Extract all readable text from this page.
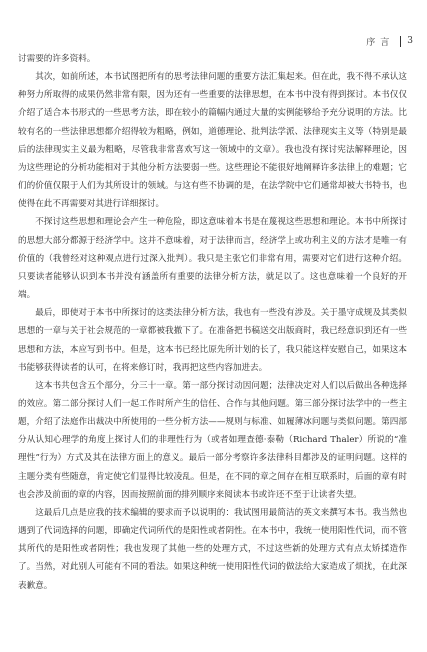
序言 3

讨需要的许多资料。

其次，如前所述，本书试图把所有的思考法律问题的重要方法汇集起来。但在此，我不得不承认这种努力所取得的成果仍然非常有限，因为还有一些重要的法律思想，在本书中没有得到探讨。本书仅仅介绍了适合本书形式的一些思考方法，即在较小的篇幅内通过大量的实例能够给予充分说明的方法。比较有名的一些法律思想都介绍得较为粗略，例如，道德理论、批判法学派、法律现实主义等（特别是最后的法律现实主义最为粗略，尽管我非常喜欢写这一领域中的文章）。我也没有探讨宪法解释理论，因为这些理论的分析功能相对于其他分析方法要弱一些。这些理论不能很好地阐释许多法律上的难题；它们的价值仅限于人们为其所设计的领域。与这有些不协调的是，在法学院中它们通常却被大书特书，也使得在此不再需要对其进行详细探讨。

不探讨这些思想和理论会产生一种危险，即这意味着本书是在蔑视这些思想和理论。本书中所探讨的思想大部分都源于经济学中。这并不意味着，对于法律而言，经济学上或功利主义的方法才是唯一有价值的（我曾经对这种观点进行过深入批判）。我只是主张它们非常有用，需要对它们进行这种介绍。只要读者能够认识到本书并没有涵盖所有重要的法律分析方法，就足以了。这也意味着一个良好的开端。

最后，即使对于本书中所探讨的这类法律分析方法，我也有一些没有涉及。关于墨守成规及其类似思想的一章与关于社会规范的一章都被我撤下了。在准备把书稿送交出版商时，我已经意识到还有一些思想和方法，本应写到书中。但是，这本书已经比原先所计划的长了，我只能这样安慰自己，如果这本书能够获得读者的认可，在将来修订时，我再把这些内容加进去。

这本书共包含五个部分，分三十一章。第一部分探讨动因问题；法律决定对人们以后做出各种选择的效应。第二部分探讨人们一起工作时所产生的信任、合作与其他问题。第三部分探讨法学中的一些主题，介绍了法庭作出裁决中所使用的一些分析方法——规则与标准、如履薄冰问题与类似问题。第四部分从认知心理学的角度上探讨人们的非理性行为（或者如理查德·泰勒（Richard Thaler）所说的“准理性”行为）方式及其在法律方面上的意义。最后一部分考察许多法律科目都涉及的证明问题。这样的主题分类有些随意，肯定使它们显得比较凌乱。但是，在不同的章之间存在相互联系时，后面的章有时也会涉及前面的章的内容，因而按照前面的排列顺序来阅读本书或许还不至于让读者失望。

这最后几点是应我的技术编辑的要求而予以说明的：我试图用最简洁的英文来撰写本书。我当然也遇到了代词选择的问题，即确定代词所代的是阳性或者阴性。在本书中，我统一使用阳性代词，而不管其所代的是阳性或者阴性；我也发现了其他一些的处理方式，不过这些新的处理方式有点太矫揉造作了。当然，对此别人可能有不同的看法。如果这种统一使用阳性代词的做法给大家造成了烦扰，在此深表歉意。
